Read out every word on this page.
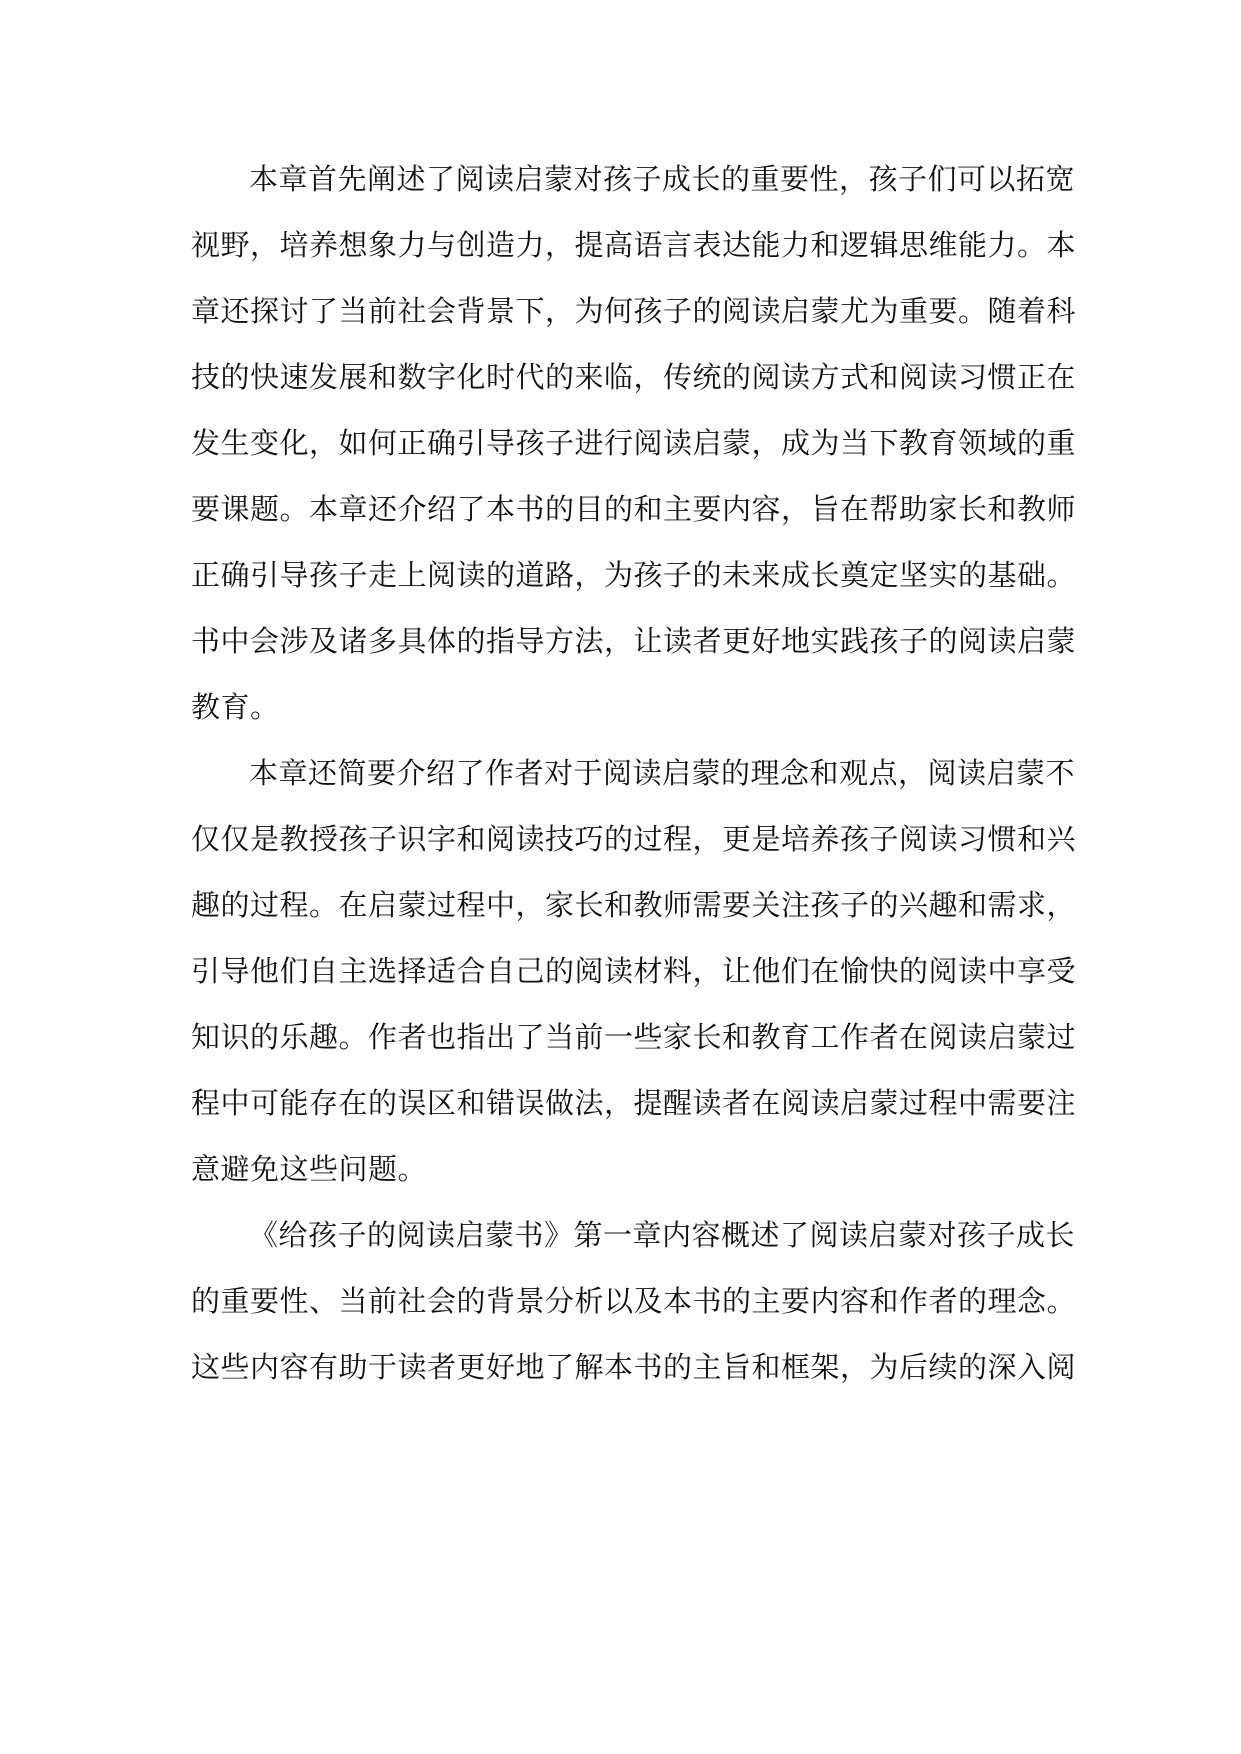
本章首先阐述了阅读启蒙对孩子成长的重要性，孩子们可以拓宽
视野，培养想象力与创造力，提高语言表达能力和逻辑思维能力。本
章还探讨了当前社会背景下，为何孩子的阅读启蒙尤为重要。随着科
技的快速发展和数字化时代的来临，传统的阅读方式和阅读习惯正在
发生变化，如何正确引导孩子进行阅读启蒙，成为当下教育领域的重
要课题。本章还介绍了本书的目的和主要内容，旨在帮助家长和教师
正确引导孩子走上阅读的道路，为孩子的未来成长奠定坚实的基础。
书中会涉及诸多具体的指导方法，让读者更好地实践孩子的阅读启蒙
教育。
本章还简要介绍了作者对于阅读启蒙的理念和观点，阅读启蒙不
仅仅是教授孩子识字和阅读技巧的过程，更是培养孩子阅读习惯和兴
趣的过程。在启蒙过程中，家长和教师需要关注孩子的兴趣和需求，
引导他们自主选择适合自己的阅读材料，让他们在愉快的阅读中享受
知识的乐趣。作者也指出了当前一些家长和教育工作者在阅读启蒙过
程中可能存在的误区和错误做法，提醒读者在阅读启蒙过程中需要注
意避免这些问题。
《给孩子的阅读启蒙书》第一章内容概述了阅读启蒙对孩子成长
的重要性、当前社会的背景分析以及本书的主要内容和作者的理念。
这些内容有助于读者更好地了解本书的主旨和框架，为后续的深入阅
